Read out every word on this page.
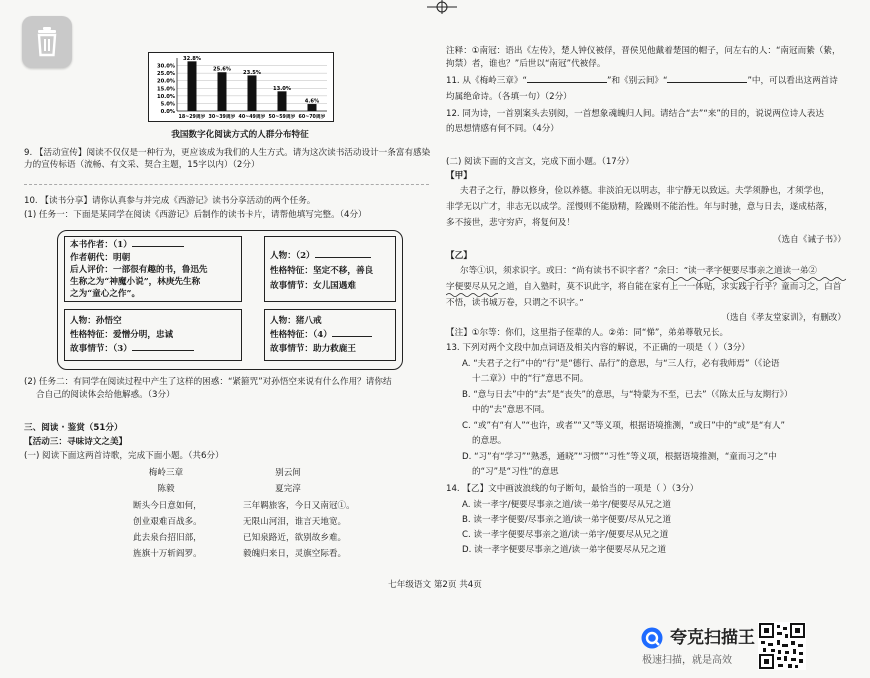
30.0%
25.0%
20.0%
15.0%
10.0%
5.0%
0.0%
32.8%
18~29周岁
25.6%
30~39周岁
23.5%
40~49周岁
13.0%
50~59周岁
4.6%
60~70周岁
我国数字化阅读方式的人群分布特征
9. 【活动宣传】阅读不仅仅是一种行为，更应该成为我们的人生方式。请为这次读书活动设计一条富有感染力的宣传标语（流畅、有文采、契合主题，15字以内）（2分）
10. 【读书分享】请你认真参与并完成《西游记》读书分享活动的两个任务。
(1) 任务一：下面是某同学在阅读《西游记》后制作的读书卡片，请帮他填写完整。（4分）
本书作者：（1）
作者朝代：明朝
后人评价：一部很有趣的书，鲁迅先
生称之为“神魔小说”，林庚先生称
之为“童心之作”。
人物：（2）
性格特征：坚定不移，善良
故事情节：女儿国遇难
人物：孙悟空
性格特征：爱憎分明，忠诚
故事情节：（3）
人物：猪八戒
性格特征：（4）
故事情节：助力救鹿王
(2) 任务二：有同学在阅读过程中产生了这样的困惑：“紧箍咒”对孙悟空来说有什么作用？请你结
合自己的阅读体会给他解惑。（3分）
三、阅读 · 鉴赏（51分）
【活动三：寻味诗文之美】
(一) 阅读下面这两首诗歌，完成下面小题。（共6分）
梅岭三章
陈毅
断头今日意如何，
创业艰难百战多。
此去泉台招旧部，
旌旗十万斩阎罗。
别云间
夏完淳
三年羁旅客，今日又南冠①。
无限山河泪，谁言天地宽。
已知泉路近，欲别故乡难。
毅魄归来日，灵旗空际看。
注释：①南冠：语出《左传》，楚人钟仪被俘，晋侯见他戴着楚国的帽子，问左右的人：“南冠而絷（絷，
拘禁）者，谁也？”后世以“南冠”代被俘。
11. 从《梅岭三章》“	”和《别云间》“	”中，可以看出这两首诗
均属绝命诗。（各填一句）（2分）
12. 同为诗，一首别案头去别阅，一首想象魂魄归人间。请结合“去”“来”的目的，说说两位诗人表达
的思想情感有何不同。（4分）
(二) 阅读下面的文言文，完成下面小题。（17分）
【甲】
夫君子之行，静以修身，俭以养德。非淡泊无以明志，非宁静无以致远。夫学须静也，才须学也，
非学无以广才，非志无以成学。淫慢则不能励精，险躁则不能治性。年与时驰，意与日去，遂成枯落，
多不接世，悲守穷庐，将复何及！
（选自《诫子书》）
【乙】
尔等①识，须求识字。或曰：“尚有读书不识字者？”余曰：“读一孝字便要尽事亲之道读一弟②
字便要尽从兄之道，自入塾时，莫不识此字，将自能在家有上一一体贴，求实践于行乎？童而习之，白首
不悟，读书城万卷，只谓之不识字。”
（选自《孝友堂家训》，有删改）
【注】①尔等：你们，这里指子侄辈的人。②弟：同“悌”，弟弟尊敬兄长。
13. 下列对两个文段中加点词语及相关内容的解说，不正确的一项是（ ）（3分）
A. “夫君子之行”中的“行”是“德行、品行”的意思，与“三人行，必有我师焉”（《论语
十二章》）中的“行”意思不同。
B. “意与日去”中的“去”是“丧失”的意思，与“特蒙为不至，已去”（《陈太丘与友期行》）
中的“去”意思不同。
C. “或”有“有人”“也许，或者”“又”等义项，根据语境推测，“或曰”中的“或”是“有人”
的意思。
D. “习”有“学习”“熟悉，通晓”“习惯”“习性”等义项，根据语境推测，“童而习之”中
的“习”是“习性”的意思
14. 【乙】文中画波浪线的句子断句，最恰当的一项是（ ）（3分）
A. 读一孝字/便要尽事亲之道/读一弟字/便要尽从兄之道
B. 读一孝字便要/尽事亲之道/读一弟字便要/尽从兄之道
C. 读一孝字便要尽事亲之道/读一弟字/便要尽从兄之道
D. 读一孝字便要尽事亲之道/读一弟字便要尽从兄之道
七年级语文 第2页 共4页
夸克扫描王
极速扫描，就是高效
